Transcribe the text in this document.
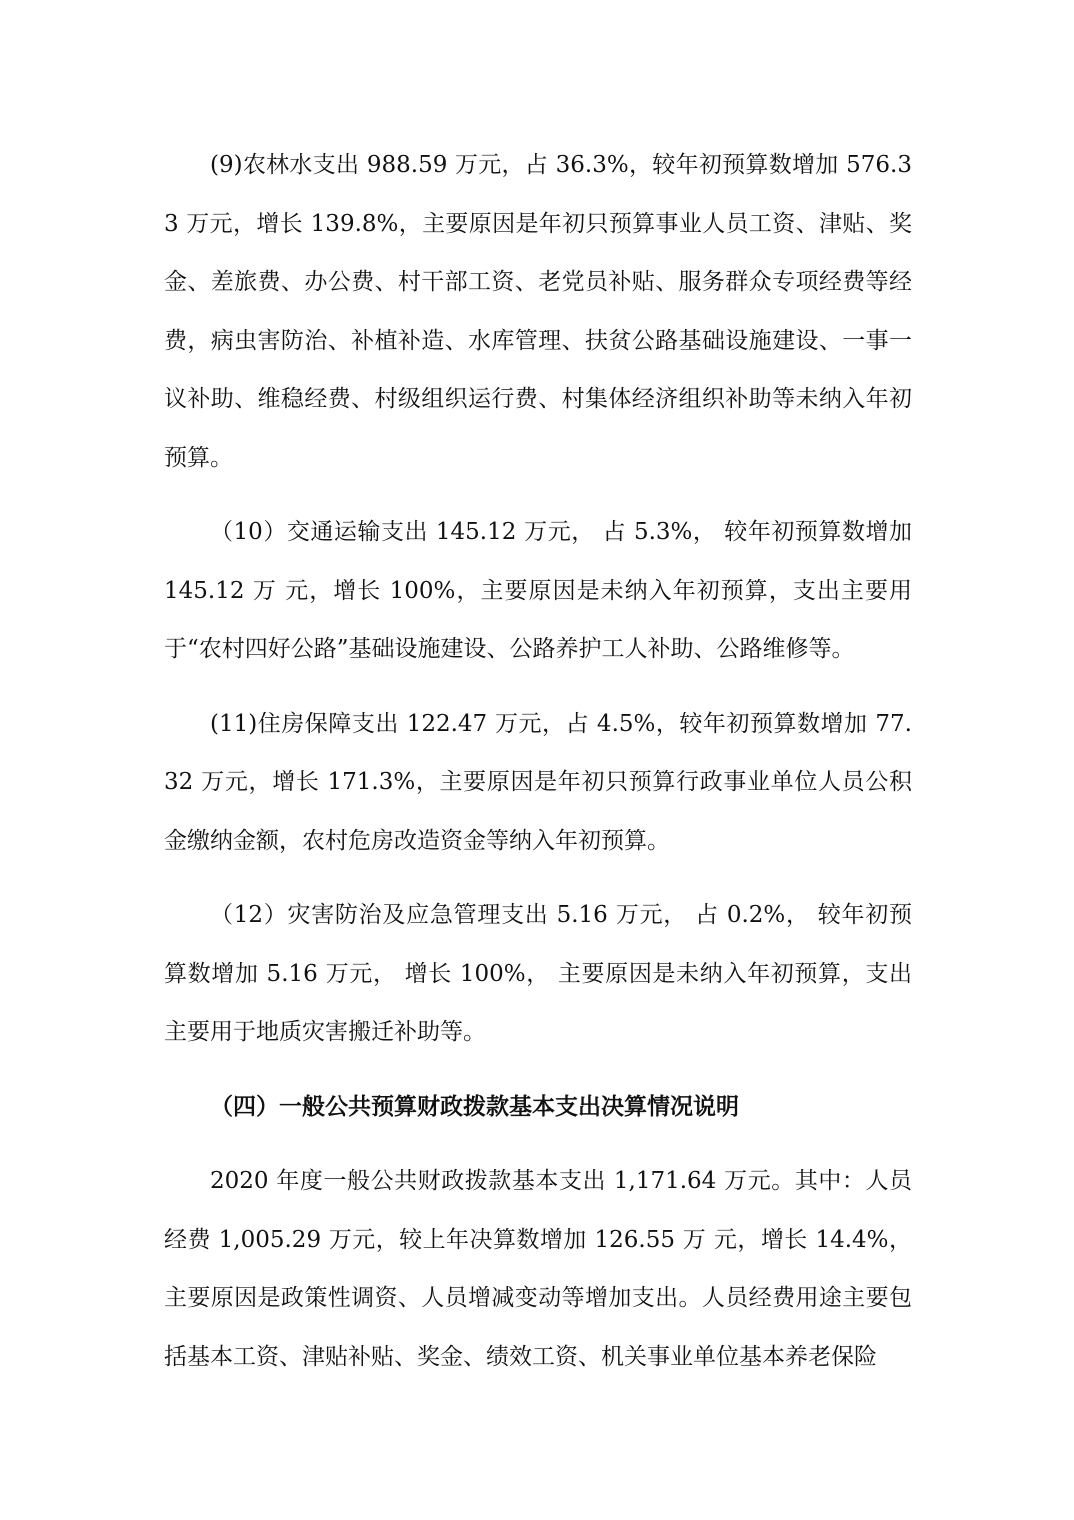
(9)农林水支出 988.59 万元，占 36.3%，较年初预算数增加 576.33 万元，增长 139.8%，主要原因是年初只预算事业人员工资、津贴、奖金、差旅费、办公费、村干部工资、老党员补贴、服务群众专项经费等经费，病虫害防治、补植补造、水库管理、扶贫公路基础设施建设、一事一议补助、维稳经费、村级组织运行费、村集体经济组织补助等未纳入年初预算。

（10）交通运输支出 145.12 万元， 占 5.3%， 较年初预算数增加 145.12 万 元，增长 100%，主要原因是未纳入年初预算，支出主要用于“农村四好公路”基础设施建设、公路养护工人补助、公路维修等。

(11)住房保障支出 122.47 万元，占 4.5%，较年初预算数增加 77.32 万元，增长 171.3%，主要原因是年初只预算行政事业单位人员公积金缴纳金额，农村危房改造资金等纳入年初预算。

（12）灾害防治及应急管理支出 5.16 万元， 占 0.2%， 较年初预算数增加 5.16 万元， 增长 100%， 主要原因是未纳入年初预算，支出主要用于地质灾害搬迁补助等。

（四）一般公共预算财政拨款基本支出决算情况说明

2020 年度一般公共财政拨款基本支出 1,171.64 万元。其中：人员经费 1,005.29 万元，较上年决算数增加 126.55 万 元，增长 14.4%，主要原因是政策性调资、人员增减变动等增加支出。人员经费用途主要包括基本工资、津贴补贴、奖金、绩效工资、机关事业单位基本养老保险
